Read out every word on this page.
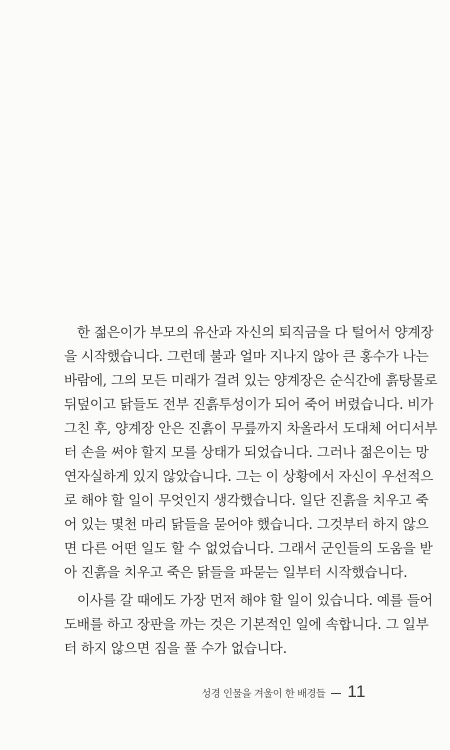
한 젊은이가 부모의 유산과 자신의 퇴직금을 다 털어서 양계장
을 시작했습니다. 그런데 불과 얼마 지나지 않아 큰 홍수가 나는
바람에, 그의 모든 미래가 걸려 있는 양계장은 순식간에 흙탕물로
뒤덮이고 닭들도 전부 진흙투성이가 되어 죽어 버렸습니다. 비가
그친 후, 양계장 안은 진흙이 무릎까지 차올라서 도대체 어디서부
터 손을 써야 할지 모를 상태가 되었습니다. 그러나 젊은이는 망
연자실하게 있지 않았습니다. 그는 이 상황에서 자신이 우선적으
로 해야 할 일이 무엇인지 생각했습니다. 일단 진흙을 치우고 죽
어 있는 몇천 마리 닭들을 묻어야 했습니다. 그것부터 하지 않으
면 다른 어떤 일도 할 수 없었습니다. 그래서 군인들의 도움을 받
아 진흙을 치우고 죽은 닭들을 파묻는 일부터 시작했습니다.

이사를 갈 때에도 가장 먼저 해야 할 일이 있습니다. 예를 들어
도배를 하고 장판을 까는 것은 기본적인 일에 속합니다. 그 일부
터 하지 않으면 짐을 풀 수가 없습니다.

성경 인물을 겨울이 한 배경들 11
